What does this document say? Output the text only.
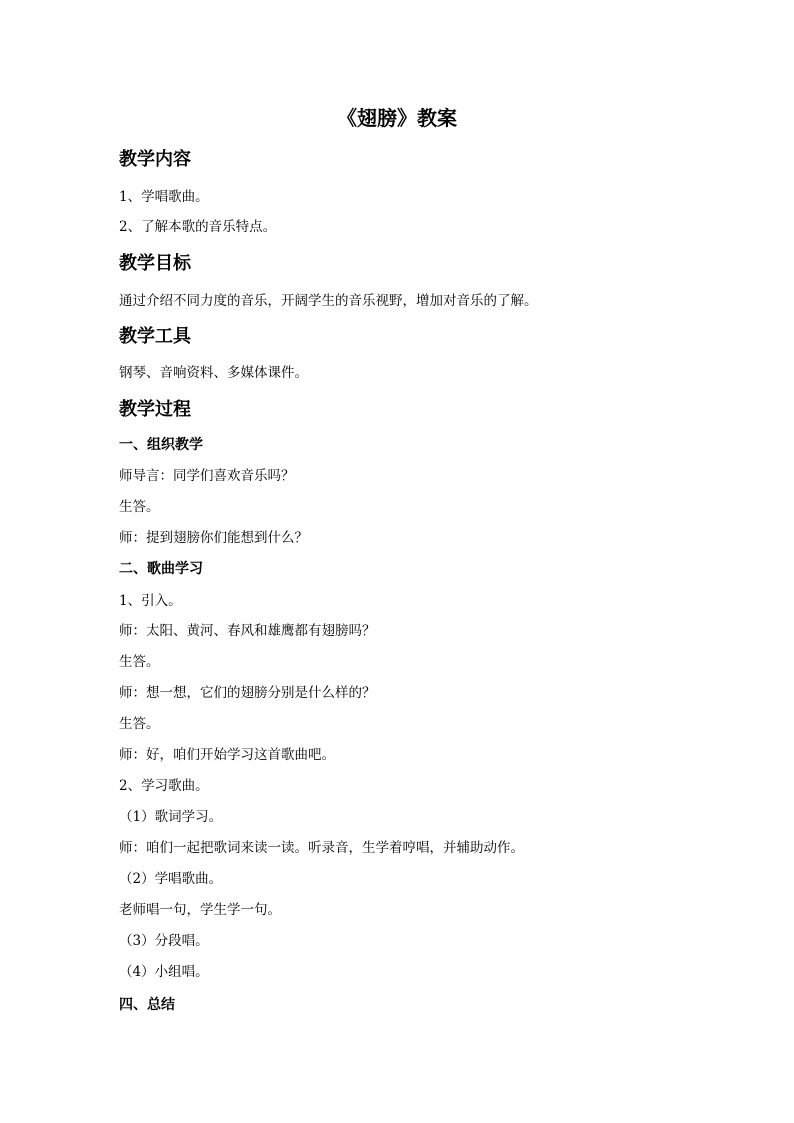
《翅膀》教案
教学内容
1、学唱歌曲。
2、了解本歌的音乐特点。
教学目标
通过介绍不同力度的音乐，开阔学生的音乐视野，增加对音乐的了解。
教学工具
钢琴、音响资料、多媒体课件。
教学过程
一、组织教学
师导言：同学们喜欢音乐吗？
生答。
师：提到翅膀你们能想到什么？
二、歌曲学习
1、引入。
师：太阳、黄河、春风和雄鹰都有翅膀吗？
生答。
师：想一想，它们的翅膀分别是什么样的？
生答。
师：好，咱们开始学习这首歌曲吧。
2、学习歌曲。
（1）歌词学习。
师：咱们一起把歌词来读一读。听录音，生学着哼唱，并辅助动作。
（2）学唱歌曲。
老师唱一句，学生学一句。
（3）分段唱。
（4）小组唱。
四、总结
